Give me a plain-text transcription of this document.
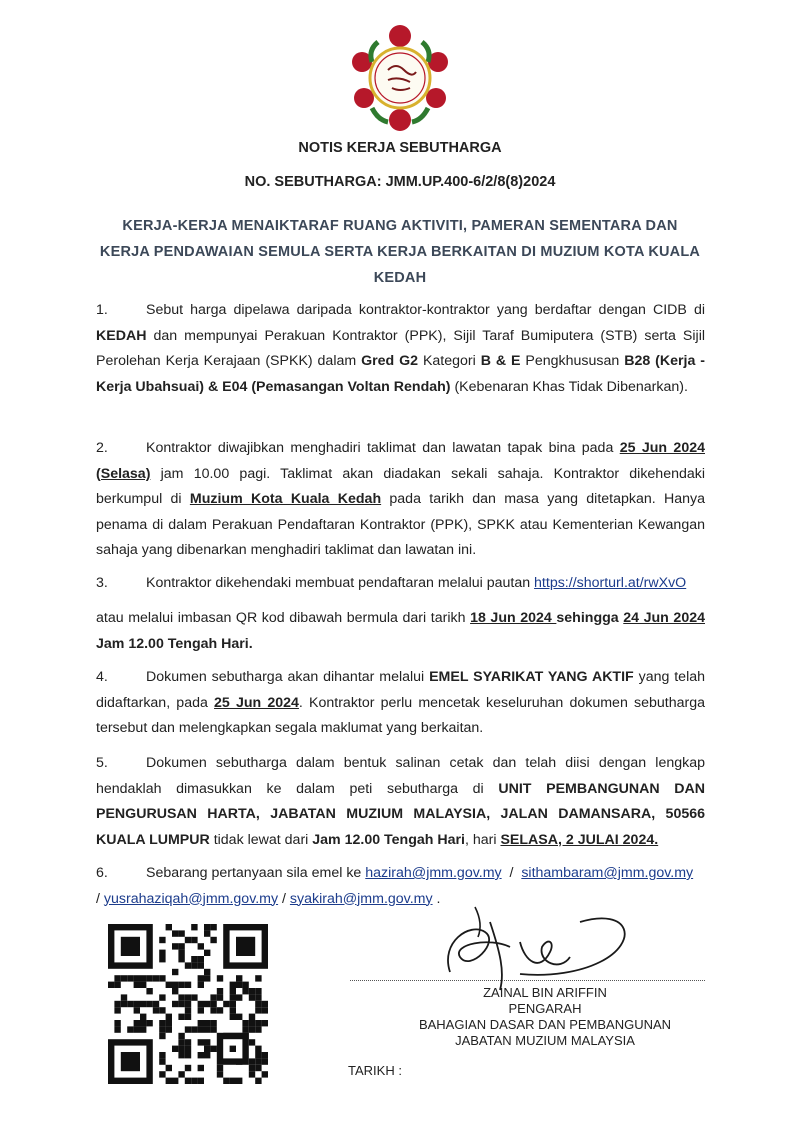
NOTIS KERJA SEBUTHARGA
NO. SEBUTHARGA: JMM.UP.400-6/2/8(8)2024
KERJA-KERJA MENAIKTARAF RUANG AKTIVITI, PAMERAN SEMENTARA DAN
KERJA PENDAWAIAN SEMULA SERTA KERJA BERKAITAN DI MUZIUM KOTA KUALA
KEDAH
1.	Sebut harga dipelawa daripada kontraktor-kontraktor yang berdaftar dengan CIDB di KEDAH dan mempunyai Perakuan Kontraktor (PPK), Sijil Taraf Bumiputera (STB) serta Sijil Perolehan Kerja Kerajaan (SPKK) dalam Gred G2 Kategori B & E Pengkhususan B28 (Kerja - Kerja Ubahsuai) & E04 (Pemasangan Voltan Rendah) (Kebenaran Khas Tidak Dibenarkan).
2.	Kontraktor diwajibkan menghadiri taklimat dan lawatan tapak bina pada 25 Jun 2024 (Selasa) jam 10.00 pagi. Taklimat akan diadakan sekali sahaja. Kontraktor dikehendaki berkumpul di Muzium Kota Kuala Kedah pada tarikh dan masa yang ditetapkan. Hanya penama di dalam Perakuan Pendaftaran Kontraktor (PPK), SPKK atau Kementerian Kewangan sahaja yang dibenarkan menghadiri taklimat dan lawatan ini.
3.	Kontraktor dikehendaki membuat pendaftaran melalui pautan https://shorturl.at/rwXvO
atau melalui imbasan QR kod dibawah bermula dari tarikh 18 Jun 2024 sehingga 24 Jun 2024 Jam 12.00 Tengah Hari.
4.	Dokumen sebutharga akan dihantar melalui EMEL SYARIKAT YANG AKTIF yang telah didaftarkan, pada 25 Jun 2024. Kontraktor perlu mencetak keseluruhan dokumen sebutharga tersebut dan melengkapkan segala maklumat yang berkaitan.
5.	Dokumen sebutharga dalam bentuk salinan cetak dan telah diisi dengan lengkap hendaklah dimasukkan ke dalam peti sebutharga di UNIT PEMBANGUNAN DAN PENGURUSAN HARTA, JABATAN MUZIUM MALAYSIA, JALAN DAMANSARA, 50566 KUALA LUMPUR tidak lewat dari Jam 12.00 Tengah Hari, hari SELASA, 2 JULAI 2024.
6.	Sebarang pertanyaan sila emel ke hazirah@jmm.gov.my  /  sithambaram@jmm.gov.my
/ yusrahaziqah@jmm.gov.my / syakirah@jmm.gov.my .
ZAINAL BIN ARIFFIN
PENGARAH
BAHAGIAN DASAR DAN PEMBANGUNAN
JABATAN MUZIUM MALAYSIA
TARIKH :
